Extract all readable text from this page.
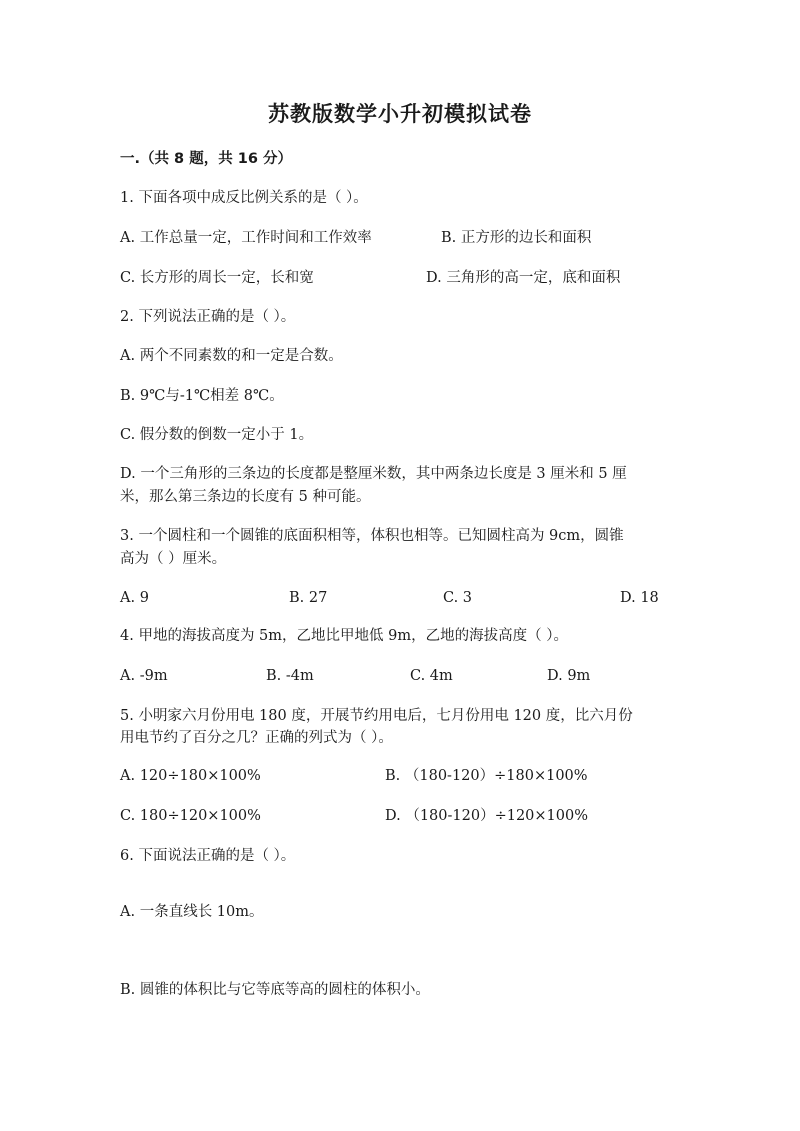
苏教版数学小升初模拟试卷
一.（共 8 题，共 16 分）
1. 下面各项中成反比例关系的是（ ）。
A. 工作总量一定，工作时间和工作效率	B. 正方形的边长和面积
C. 长方形的周长一定，长和宽	D. 三角形的高一定，底和面积
2. 下列说法正确的是（ ）。
A. 两个不同素数的和一定是合数。
B. 9℃与-1℃相差 8℃。
C. 假分数的倒数一定小于 1。
D. 一个三角形的三条边的长度都是整厘米数，其中两条边长度是 3 厘米和 5 厘
米，那么第三条边的长度有 5 种可能。
3. 一个圆柱和一个圆锥的底面积相等，体积也相等。已知圆柱高为 9cm，圆锥
高为（ ）厘米。
A. 9	B. 27	C. 3	D. 18
4. 甲地的海拔高度为 5m，乙地比甲地低 9m，乙地的海拔高度（ ）。
A. -9m	B. -4m	C. 4m	D. 9m
5. 小明家六月份用电 180 度，开展节约用电后，七月份用电 120 度，比六月份
用电节约了百分之几？正确的列式为（ ）。
A. 120÷180×100%	B. （180-120）÷180×100%
C. 180÷120×100%	D. （180-120）÷120×100%
6. 下面说法正确的是（ ）。
A. 一条直线长 10m。
B. 圆锥的体积比与它等底等高的圆柱的体积小。
